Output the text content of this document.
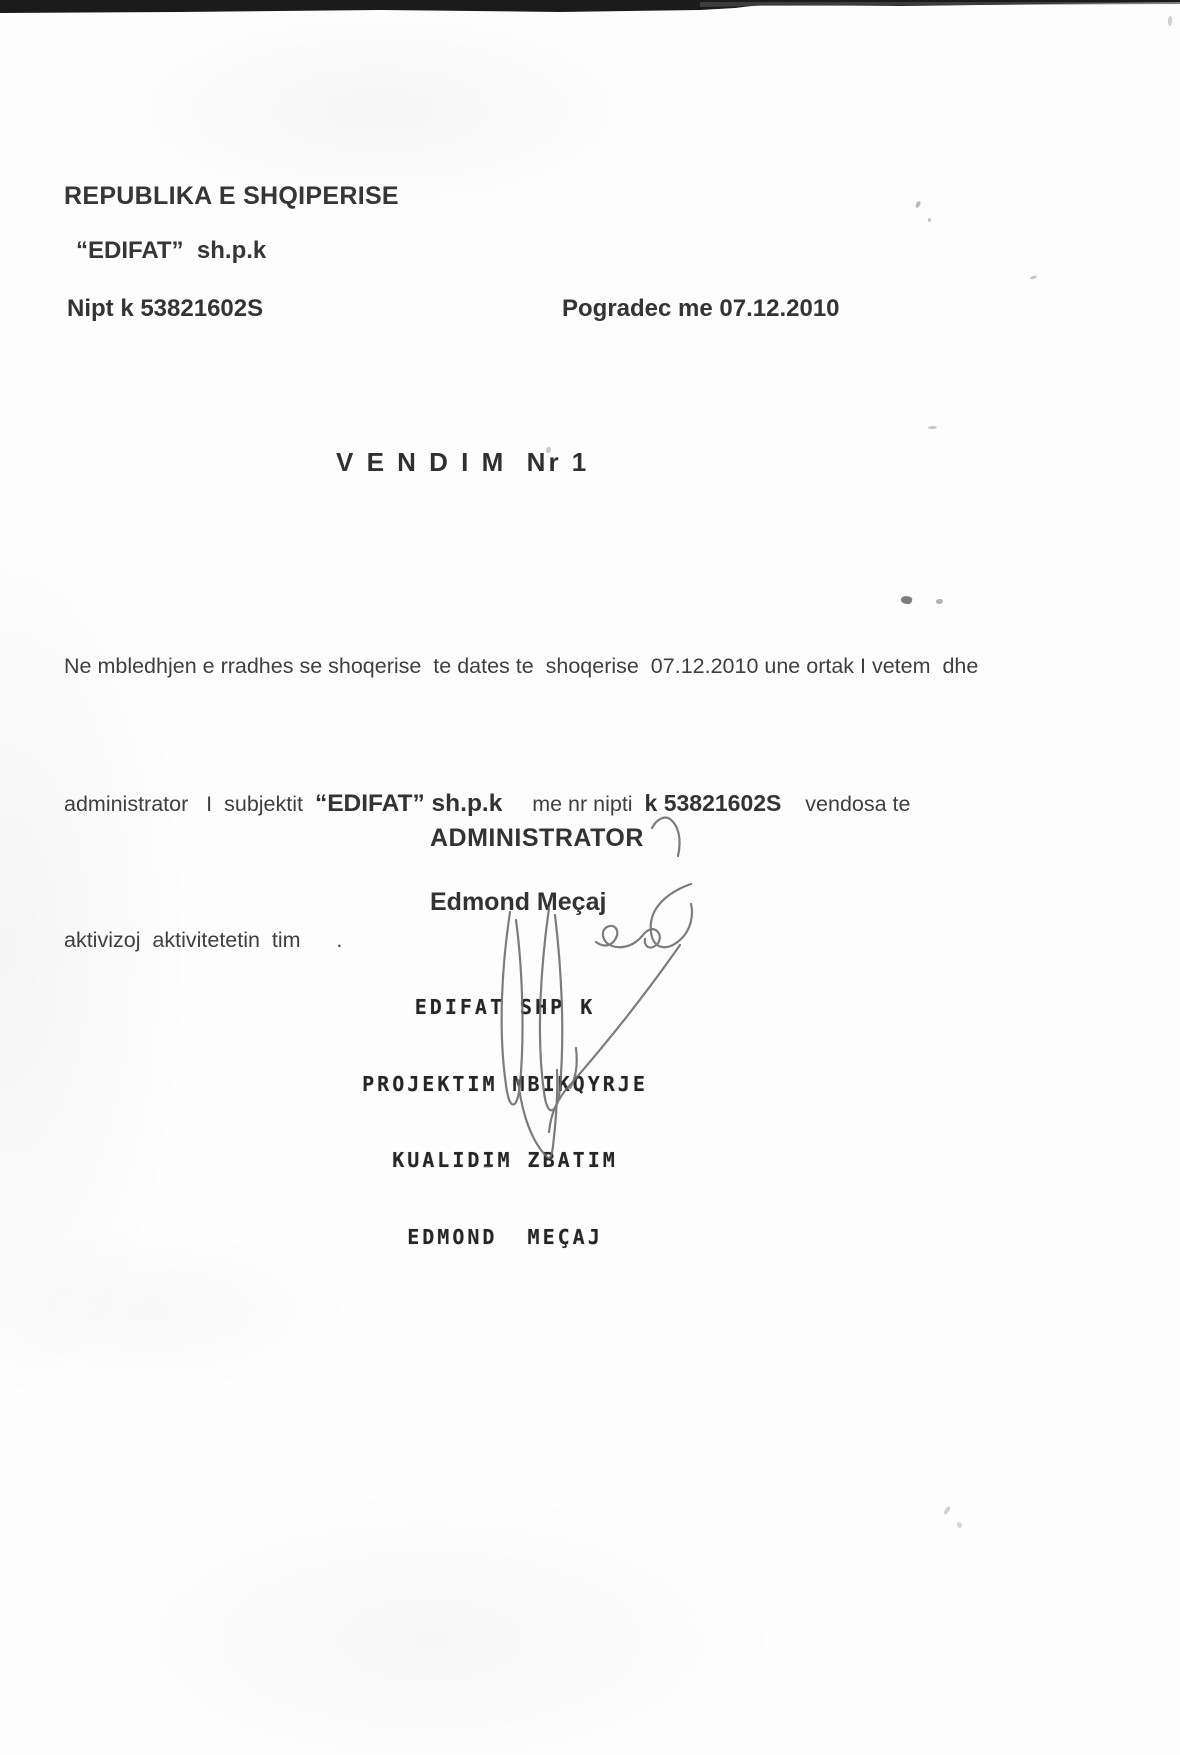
REPUBLIKA E SHQIPERISE
“EDIFAT”  sh.p.k
Nipt k 53821602S	Pogradec me 07.12.2010
V E N D I M  Nr 1

Ne mbledhjen e rradhes se shoqerise  te dates te  shoqerise  07.12.2010 une ortak I vetem  dhe

administrator   I  subjektit  “EDIFAT” sh.p.k     me nr nipti  k 53821602S    vendosa te

aktivizoj  aktivitetetin  tim      .

ADMINISTRATOR
Edmond Meçaj

EDIFAT SHP K

PROJEKTIM MBIKQYRJE

KUALIDIM ZBATIM

EDMOND  MEÇAJ
